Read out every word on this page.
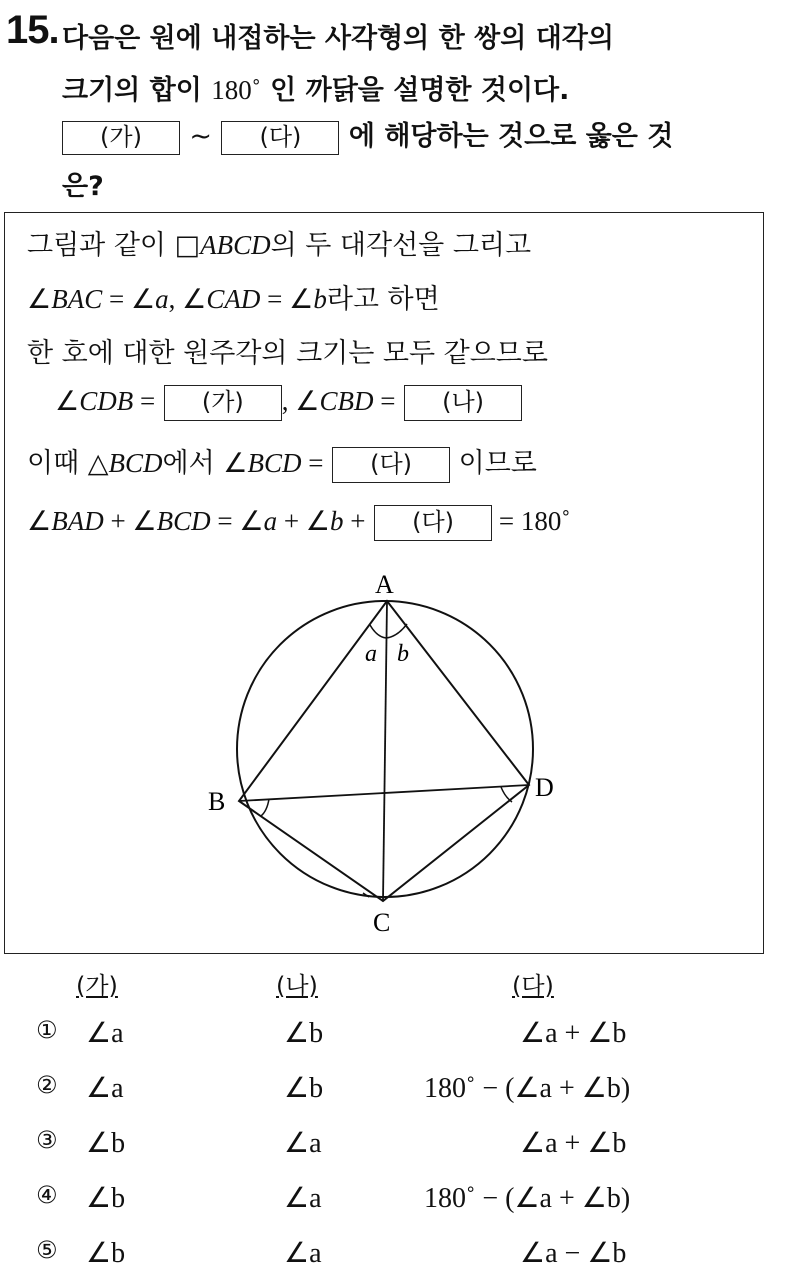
15. 다음은 원에 내접하는 사각형의 한 쌍의 대각의
크기의 합이 180˚ 인 까닭을 설명한 것이다.
(가) ~ (다) 에 해당하는 것으로 옳은 것
은?
그림과 같이 □ABCD의 두 대각선을 그리고
∠BAC = ∠a, ∠CAD = ∠b라고 하면
한 호에 대한 원주각의 크기는 모두 같으므로
∠CDB = (가) , ∠CBD = (나)
이때 △BCD에서 ∠BCD = (다) 이므로
∠BAD + ∠BCD = ∠a + ∠b + (다) = 180˚
A
B
C
D
a b
(가)	(나)	(다)
① ∠a	∠b	∠a + ∠b
② ∠a	∠b	180˚ − (∠a + ∠b)
③ ∠b	∠a	∠a + ∠b
④ ∠b	∠a	180˚ − (∠a + ∠b)
⑤ ∠b	∠a	∠a − ∠b
